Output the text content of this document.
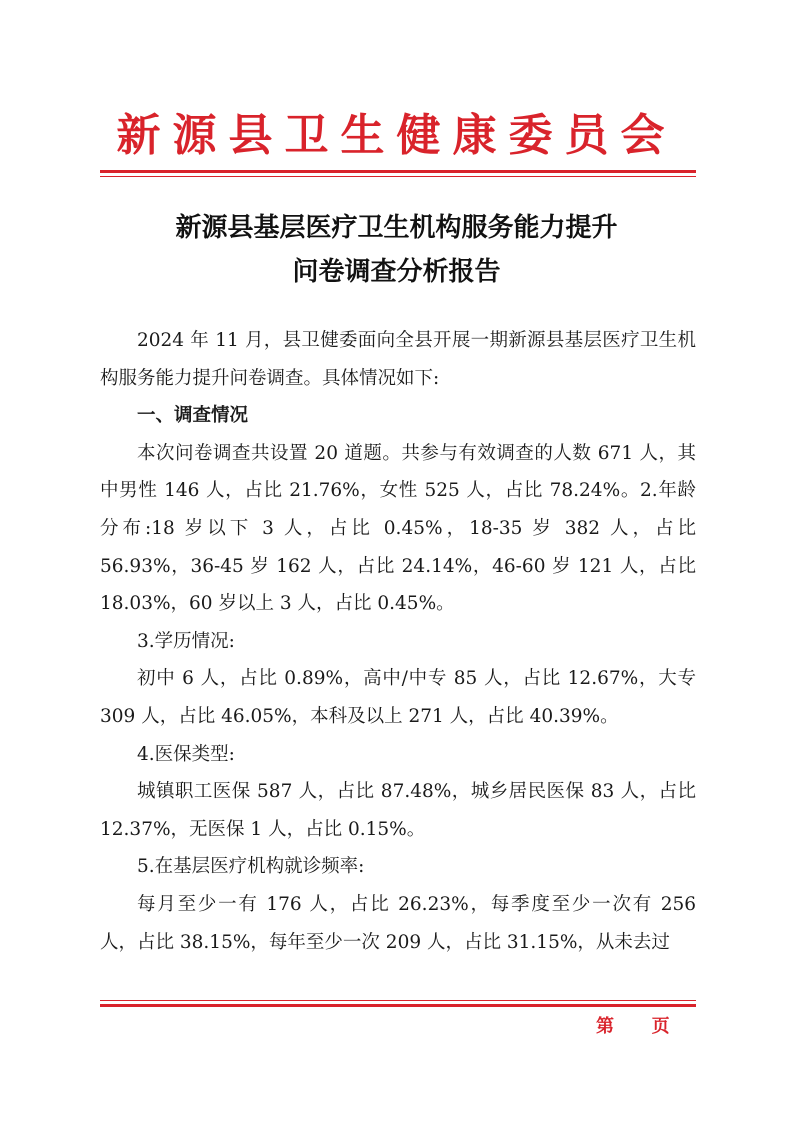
新源县卫生健康委员会
新源县基层医疗卫生机构服务能力提升
问卷调查分析报告

2024 年 11 月，县卫健委面向全县开展一期新源县基层医疗卫生机构服务能力提升问卷调查。具体情况如下:

一、调查情况

本次问卷调查共设置 20 道题。共参与有效调查的人数 671 人，其中男性 146 人，占比 21.76%，女性 525 人，占比 78.24%。2.年龄分布:18 岁以下 3 人，占比 0.45%，18-35 岁 382 人，占比 56.93%，36-45 岁 162 人，占比 24.14%，46-60 岁 121 人，占比 18.03%，60 岁以上 3 人，占比 0.45%。

3.学历情况:

初中 6 人，占比 0.89%，高中/中专 85 人，占比 12.67%，大专 309 人，占比 46.05%，本科及以上 271 人，占比 40.39%。

4.医保类型:

城镇职工医保 587 人，占比 87.48%，城乡居民医保 83 人，占比 12.37%，无医保 1 人，占比 0.15%。

5.在基层医疗机构就诊频率:

每月至少一有 176 人，占比 26.23%，每季度至少一次有 256 人，占比 38.15%，每年至少一次 209 人，占比 31.15%，从未去过

第      页
